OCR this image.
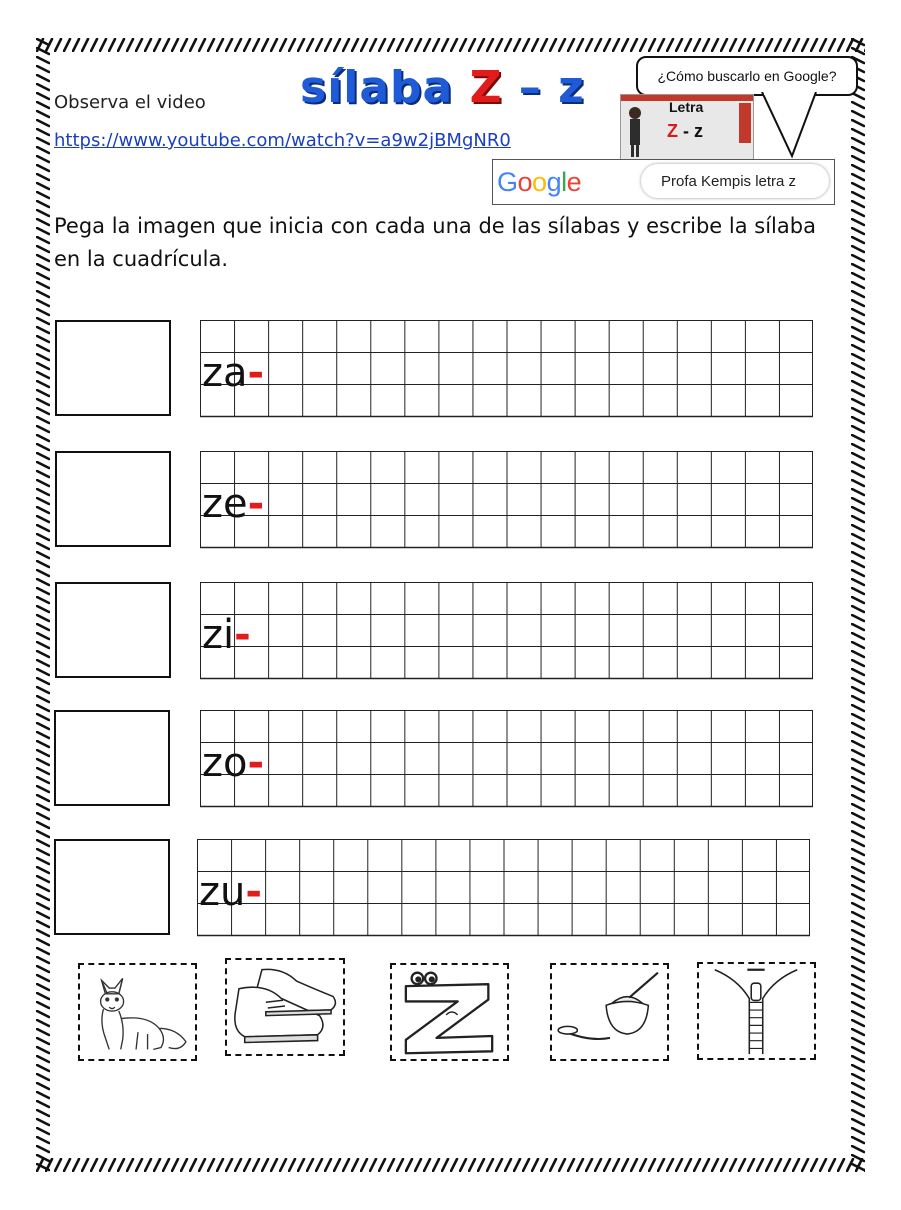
Observa el video
https://www.youtube.com/watch?v=a9w2jBMgNR0
sílaba Z – z	¿Cómo buscarlo en Google?
Letra
Z - z
Google	Profa Kempis letra z
Pega la imagen que inicia con cada una de las sílabas y escribe la sílaba en la cuadrícula.
za-
ze-
zi-
zo-
zu-
